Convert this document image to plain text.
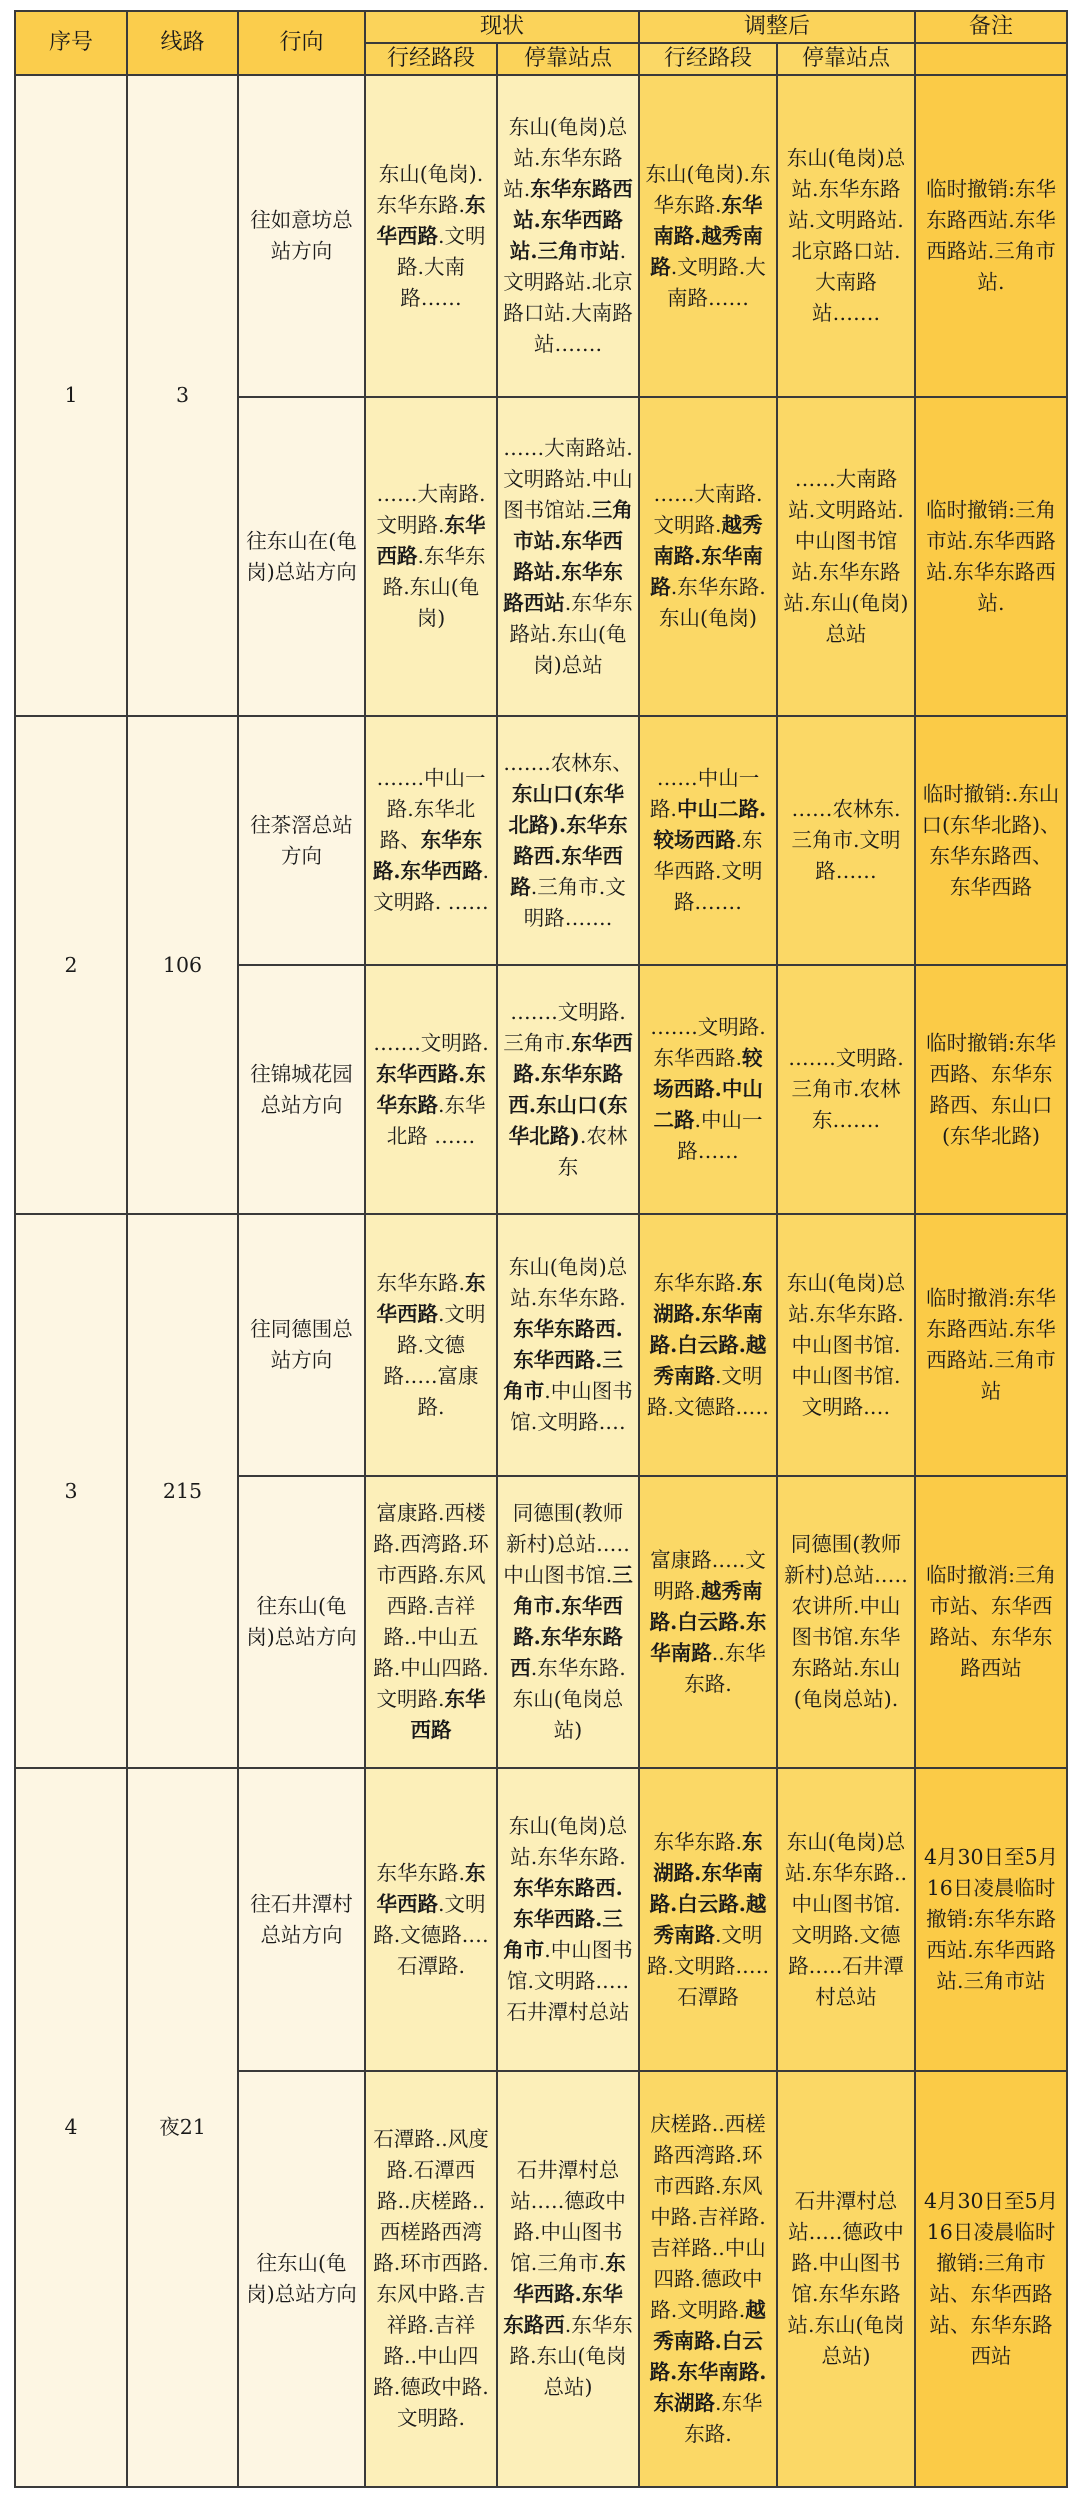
序号	线路	行向	现状		调整后		备注
			行经路段	停靠站点	行经路段	停靠站点	
1	3	往如意坊总站方向	东山(龟岗).东华东路.东华西路.文明路.大南路……	东山(龟岗)总站.东华东路站.东华东路西站.东华西路站.三角市站.文明路站.北京路口站.大南路站…….	东山(龟岗).东华东路.东华南路.越秀南路.文明路.大南路……	东山(龟岗)总站.东华东路站.文明路站.北京路口站.大南路站…….	临时撤销:东华东路西站.东华西路站.三角市站.
		往东山在(龟岗)总站方向	……大南路.文明路.东华西路.东华东路.东山(龟岗)	……大南路站.文明路站.中山图书馆站.三角市站.东华西路站.东华东路西站.东华东路站.东山(龟岗)总站	……大南路.文明路.越秀南路.东华南路.东华东路.东山(龟岗)	……大南路站.文明路站.中山图书馆站.东华东路站.东山(龟岗)总站	临时撤销:三角市站.东华西路站.东华东路西站.
2	106	往茶滘总站方向	…….中山一路.东华北路、东华东路.东华西路.文明路. ……	…….农林东、东山口(东华北路).东华东路西.东华西路.三角市.文明路…….	……中山一路.中山二路.较场西路.东华西路.文明路.……	……农林东.三角市.文明路……	临时撤销:.东山口(东华北路)、东华东路西、东华西路
		往锦城花园总站方向	…….文明路.东华西路.东华东路.东华北路 ……	…….文明路.三角市.东华西路.东华东路西.东山口(东华北路).农林东	…….文明路.东华西路.较场西路.中山二路.中山一路……	…….文明路.三角市.农林东…….	临时撤销:东华西路、东华东路西、东山口(东华北路)
3	215	往同德围总站方向	东华东路.东华西路.文明路.文德路.….富康路.	东山(龟岗)总站.东华东路.东华东路西.东华西路.三角市.中山图书馆.文明路.…	东华东路.东湖路.东华南路.白云路.越秀南路.文明路.文德路..…	东山(龟岗)总站.东华东路.中山图书馆.中山图书馆.文明路.…	临时撤消:东华东路西站.东华西路站.三角市站
		往东山(龟岗)总站方向	富康路.西楼路.西湾路.环市西路.东风西路.吉祥路..中山五路.中山四路.文明路.东华西路	同德围(教师新村)总站.….中山图书馆.三角市.东华西路.东华东路西.东华东路.东山(龟岗总站)	富康路.….文明路.越秀南路.白云路.东华南路..东华东路.	同德围(教师新村)总站.….农讲所.中山图书馆.东华东路站.东山(龟岗总站).	临时撤消:三角市站、东华西路站、东华东路西站
4	夜21	往石井潭村总站方向	东华东路.东华西路.文明路.文德路.…石潭路.	东山(龟岗)总站.东华东路.东华东路西.东华西路.三角市.中山图书馆.文明路.….石井潭村总站	东华东路.东湖路.东华南路.白云路.越秀南路.文明路.文明路.….石潭路	东山(龟岗)总站.东华东路..中山图书馆.文明路.文德路.….石井潭村总站	4月30日至5月16日凌晨临时撤销:东华东路西站.东华西路站.三角市站
		往东山(龟岗)总站方向	石潭路..风度路.石潭西路..庆槎路..西槎路西湾路.环市西路.东风中路.吉祥路.吉祥路..中山四路.德政中路.文明路.	石井潭村总站.….德政中路.中山图书馆.三角市.东华西路.东华东路西.东华东路.东山(龟岗总站)	庆槎路..西槎路西湾路.环市西路.东风中路.吉祥路.吉祥路..中山四路.德政中路.文明路.越秀南路.白云路.东华南路.东湖路.东华东路.	石井潭村总站.….德政中路.中山图书馆.东华东路站.东山(龟岗总站)	4月30日至5月16日凌晨临时撤销:三角市站、东华西路站、东华东路西站
